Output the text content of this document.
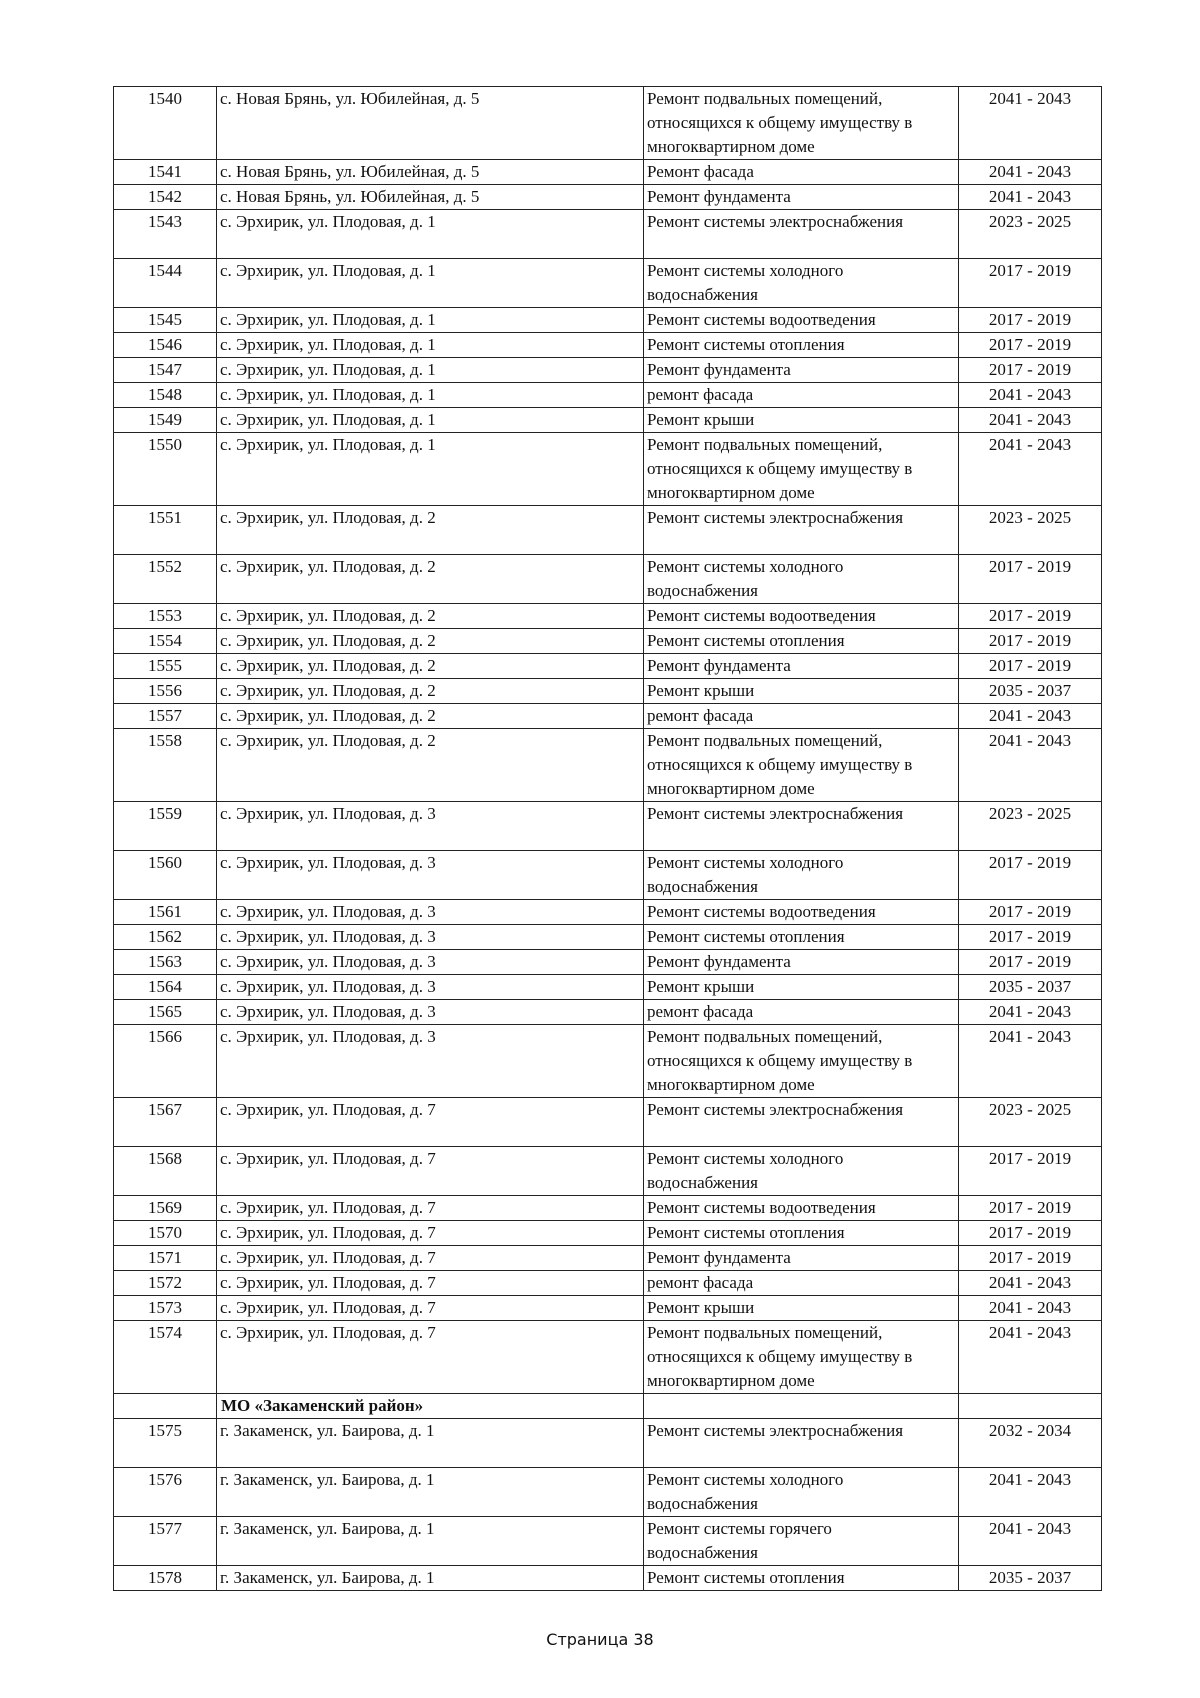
1540	с. Новая Брянь, ул. Юбилейная, д. 5	Ремонт подвальных помещений,
относящихся к общему имуществу в
многоквартирном доме	2041 - 2043
1541	с. Новая Брянь, ул. Юбилейная, д. 5	Ремонт фасада	2041 - 2043
1542	с. Новая Брянь, ул. Юбилейная, д. 5	Ремонт фундамента	2041 - 2043
1543	с. Эрхирик, ул. Плодовая, д. 1	Ремонт системы электроснабжения	2023 - 2025
1544	с. Эрхирик, ул. Плодовая, д. 1	Ремонт системы холодного
водоснабжения	2017 - 2019
1545	с. Эрхирик, ул. Плодовая, д. 1	Ремонт системы водоотведения	2017 - 2019
1546	с. Эрхирик, ул. Плодовая, д. 1	Ремонт системы отопления	2017 - 2019
1547	с. Эрхирик, ул. Плодовая, д. 1	Ремонт фундамента	2017 - 2019
1548	с. Эрхирик, ул. Плодовая, д. 1	ремонт фасада	2041 - 2043
1549	с. Эрхирик, ул. Плодовая, д. 1	Ремонт крыши	2041 - 2043
1550	с. Эрхирик, ул. Плодовая, д. 1	Ремонт подвальных помещений,
относящихся к общему имуществу в
многоквартирном доме	2041 - 2043
1551	с. Эрхирик, ул. Плодовая, д. 2	Ремонт системы электроснабжения	2023 - 2025
1552	с. Эрхирик, ул. Плодовая, д. 2	Ремонт системы холодного
водоснабжения	2017 - 2019
1553	с. Эрхирик, ул. Плодовая, д. 2	Ремонт системы водоотведения	2017 - 2019
1554	с. Эрхирик, ул. Плодовая, д. 2	Ремонт системы отопления	2017 - 2019
1555	с. Эрхирик, ул. Плодовая, д. 2	Ремонт фундамента	2017 - 2019
1556	с. Эрхирик, ул. Плодовая, д. 2	Ремонт крыши	2035 - 2037
1557	с. Эрхирик, ул. Плодовая, д. 2	ремонт фасада	2041 - 2043
1558	с. Эрхирик, ул. Плодовая, д. 2	Ремонт подвальных помещений,
относящихся к общему имуществу в
многоквартирном доме	2041 - 2043
1559	с. Эрхирик, ул. Плодовая, д. 3	Ремонт системы электроснабжения	2023 - 2025
1560	с. Эрхирик, ул. Плодовая, д. 3	Ремонт системы холодного
водоснабжения	2017 - 2019
1561	с. Эрхирик, ул. Плодовая, д. 3	Ремонт системы водоотведения	2017 - 2019
1562	с. Эрхирик, ул. Плодовая, д. 3	Ремонт системы отопления	2017 - 2019
1563	с. Эрхирик, ул. Плодовая, д. 3	Ремонт фундамента	2017 - 2019
1564	с. Эрхирик, ул. Плодовая, д. 3	Ремонт крыши	2035 - 2037
1565	с. Эрхирик, ул. Плодовая, д. 3	ремонт фасада	2041 - 2043
1566	с. Эрхирик, ул. Плодовая, д. 3	Ремонт подвальных помещений,
относящихся к общему имуществу в
многоквартирном доме	2041 - 2043
1567	с. Эрхирик, ул. Плодовая, д. 7	Ремонт системы электроснабжения	2023 - 2025
1568	с. Эрхирик, ул. Плодовая, д. 7	Ремонт системы холодного
водоснабжения	2017 - 2019
1569	с. Эрхирик, ул. Плодовая, д. 7	Ремонт системы водоотведения	2017 - 2019
1570	с. Эрхирик, ул. Плодовая, д. 7	Ремонт системы отопления	2017 - 2019
1571	с. Эрхирик, ул. Плодовая, д. 7	Ремонт фундамента	2017 - 2019
1572	с. Эрхирик, ул. Плодовая, д. 7	ремонт фасада	2041 - 2043
1573	с. Эрхирик, ул. Плодовая, д. 7	Ремонт крыши	2041 - 2043
1574	с. Эрхирик, ул. Плодовая, д. 7	Ремонт подвальных помещений,
относящихся к общему имуществу в
многоквартирном доме	2041 - 2043
	МО «Закаменский район»		
1575	г. Закаменск, ул. Баирова, д. 1	Ремонт системы электроснабжения	2032 - 2034
1576	г. Закаменск, ул. Баирова, д. 1	Ремонт системы холодного
водоснабжения	2041 - 2043
1577	г. Закаменск, ул. Баирова, д. 1	Ремонт системы горячего
водоснабжения	2041 - 2043
1578	г. Закаменск, ул. Баирова, д. 1	Ремонт системы отопления	2035 - 2037
Страница 38
